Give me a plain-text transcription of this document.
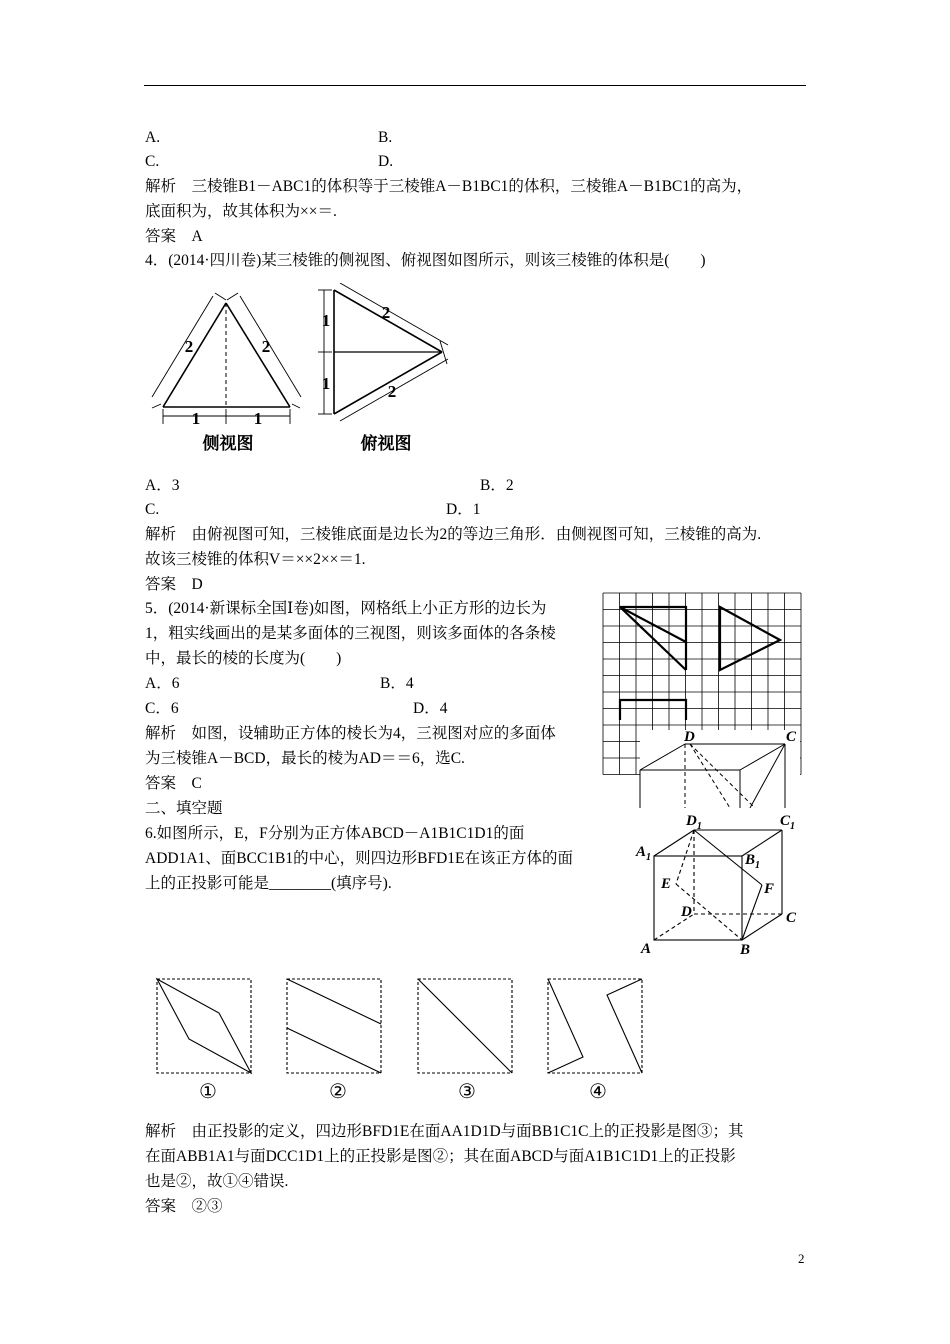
A.	B.
C.	D.
解析　三棱锥B1－ABC1的体积等于三棱锥A－B1BC1的体积，三棱锥A－B1BC1的高为，
底面积为，故其体积为××＝.
答案　A
4．(2014·四川卷)某三棱锥的侧视图、俯视图如图所示，则该三棱锥的体积是(　　)
A．3	B．2
C.	D．1
解析　由俯视图可知，三棱锥底面是边长为2的等边三角形．由侧视图可知，三棱锥的高为.
故该三棱锥的体积V＝××2××＝1.
答案　D
5．(2014·新课标全国Ⅰ卷)如图，网格纸上小正方形的边长为
1，粗实线画出的是某多面体的三视图，则该多面体的各条棱
中，最长的棱的长度为(　　)
A．6	B．4
C．6	D．4
解析　如图，设辅助正方体的棱长为4，三视图对应的多面体
为三棱锥A－BCD，最长的棱为AD＝＝6，选C.
答案　C
二、填空题
6.如图所示，E，F分别为正方体ABCD－A1B1C1D1的面
ADD1A1、面BCC1B1的中心，则四边形BFD1E在该正方体的面
上的正投影可能是________(填序号).
解析　由正投影的定义，四边形BFD1E在面AA1D1D与面BB1C1C上的正投影是图③；其
在面ABB1A1与面DCC1D1上的正投影是图②；其在面ABCD与面A1B1C1D1上的正投影
也是②，故①④错误.
答案　②③
2	2
1	1
2
2
1
1
侧视图	俯视图
D	C
$D_1$	$C_1$
$A_1$	$B_1$
E	F
D	C
A	B
①	②	③	④
2
